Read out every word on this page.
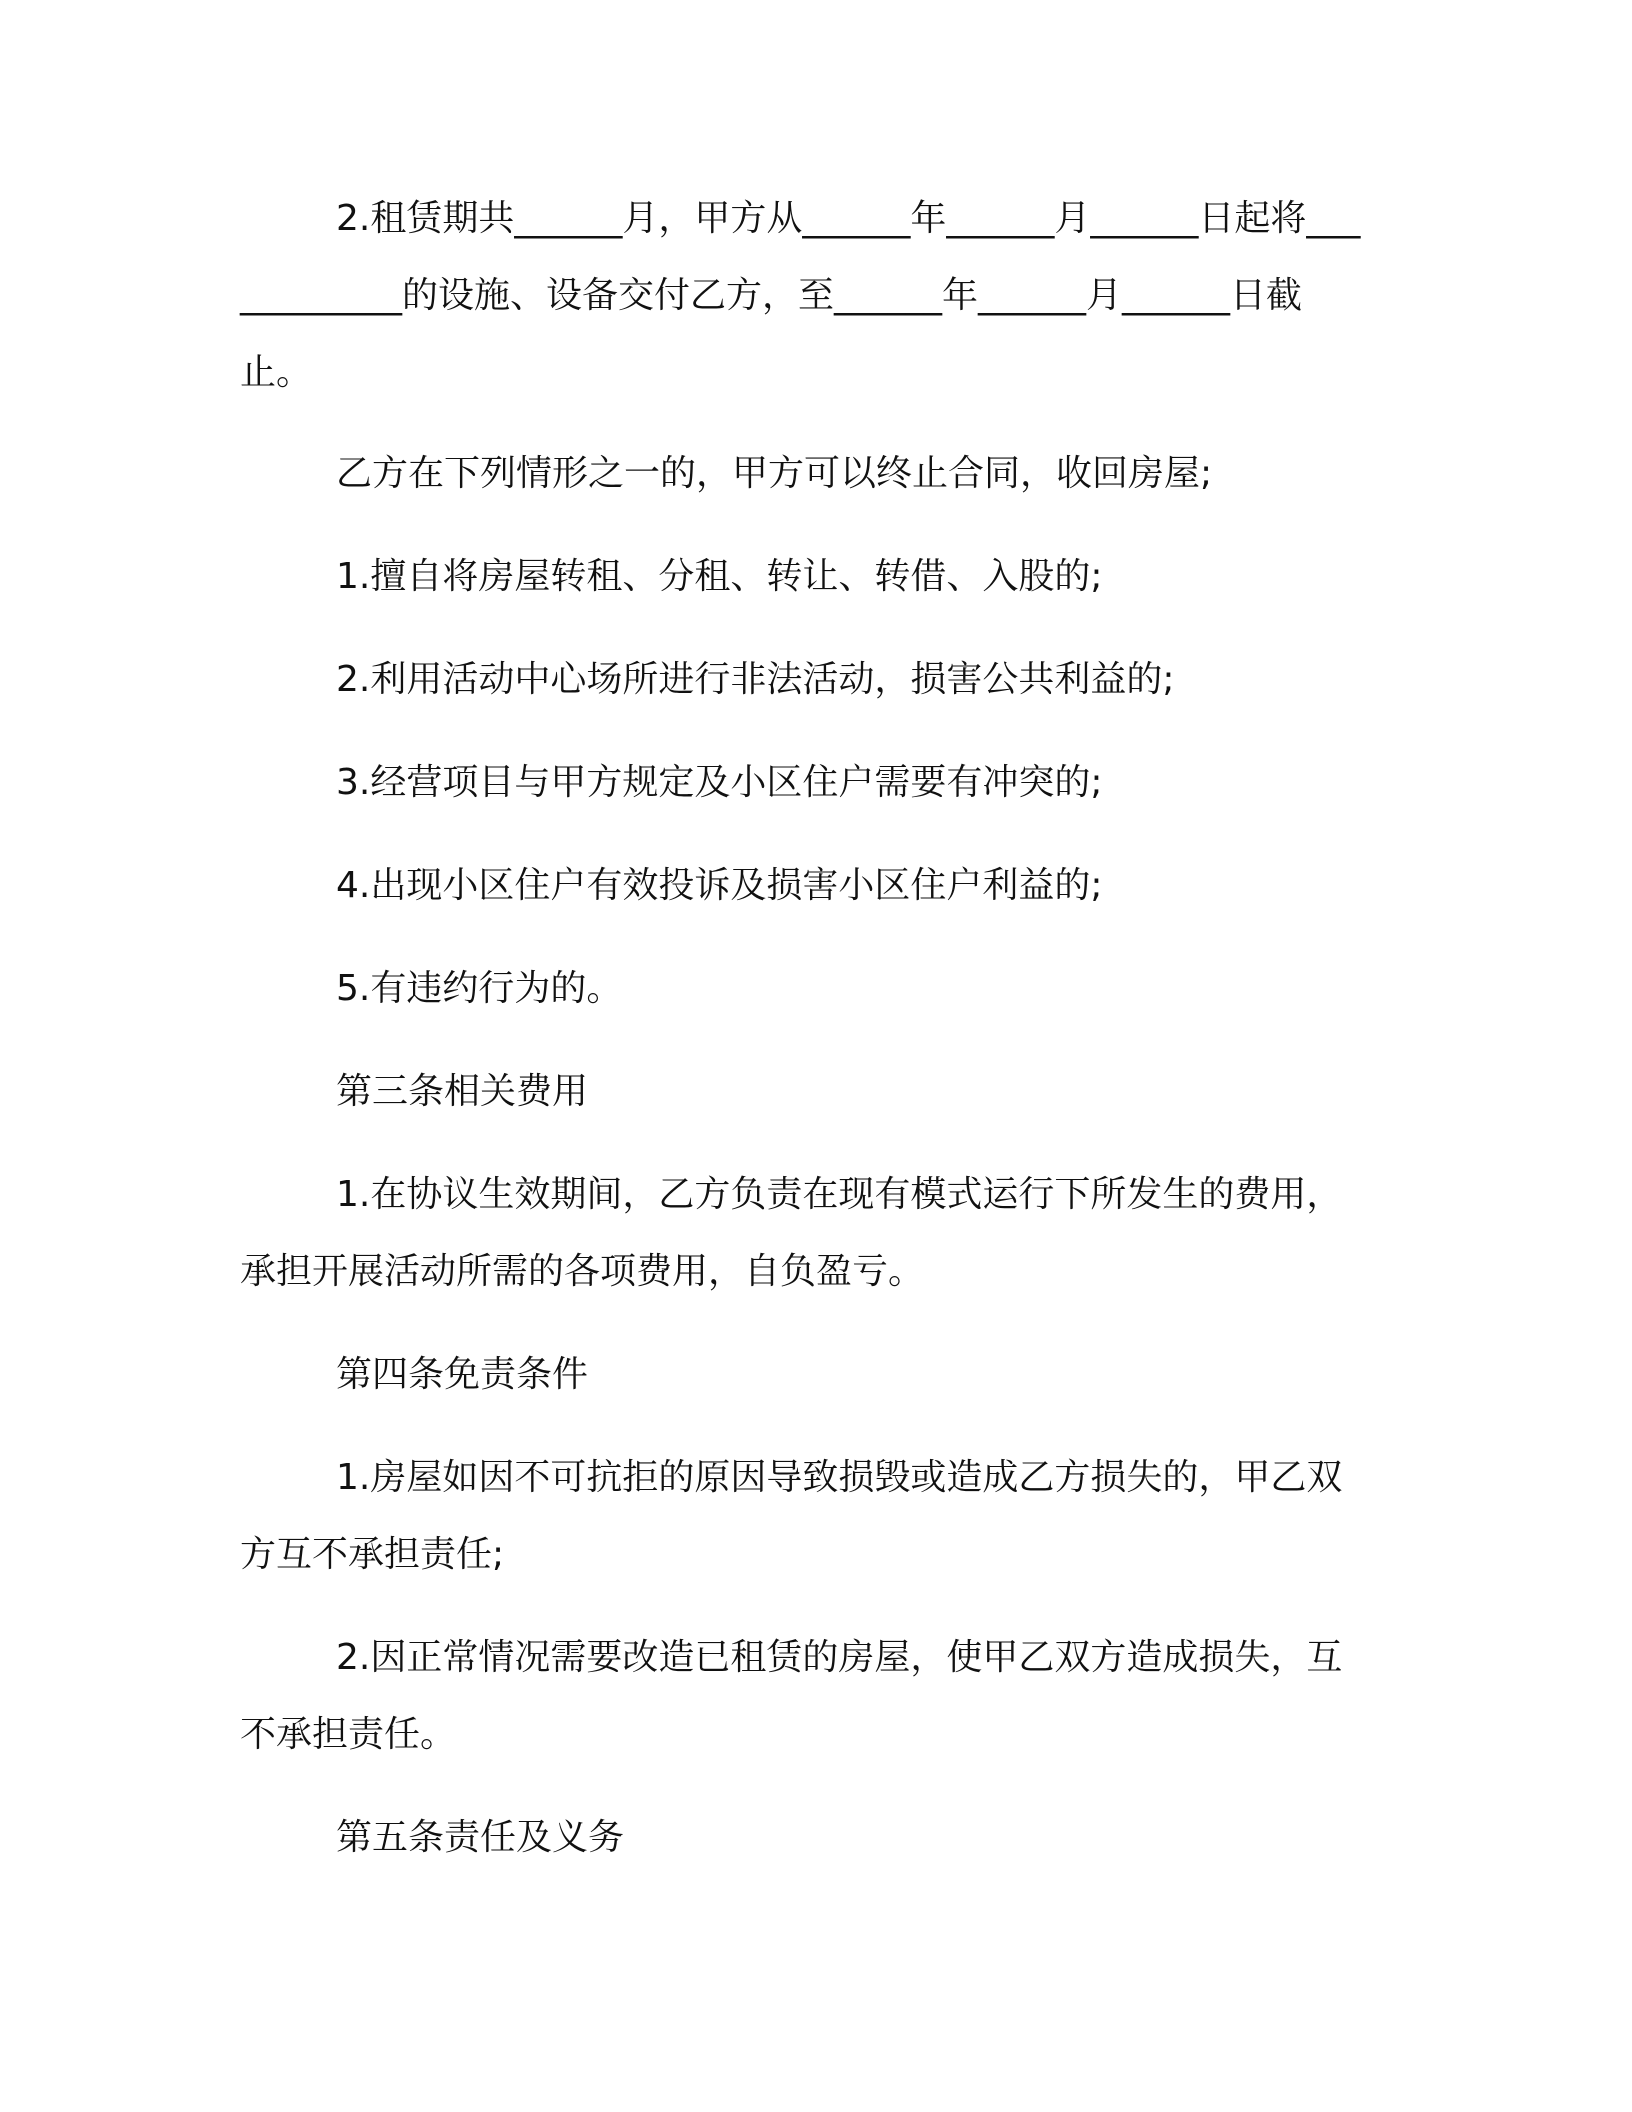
2.租赁期共______月，甲方从______年______月______日起将____________的设施、设备交付乙方，至______年______月______日截止。

乙方在下列情形之一的，甲方可以终止合同，收回房屋;

1.擅自将房屋转租、分租、转让、转借、入股的;

2.利用活动中心场所进行非法活动，损害公共利益的;

3.经营项目与甲方规定及小区住户需要有冲突的;

4.出现小区住户有效投诉及损害小区住户利益的;

5.有违约行为的。

第三条相关费用

1.在协议生效期间，乙方负责在现有模式运行下所发生的费用，承担开展活动所需的各项费用，自负盈亏。

第四条免责条件

1.房屋如因不可抗拒的原因导致损毁或造成乙方损失的，甲乙双方互不承担责任;

2.因正常情况需要改造已租赁的房屋，使甲乙双方造成损失，互不承担责任。

第五条责任及义务
